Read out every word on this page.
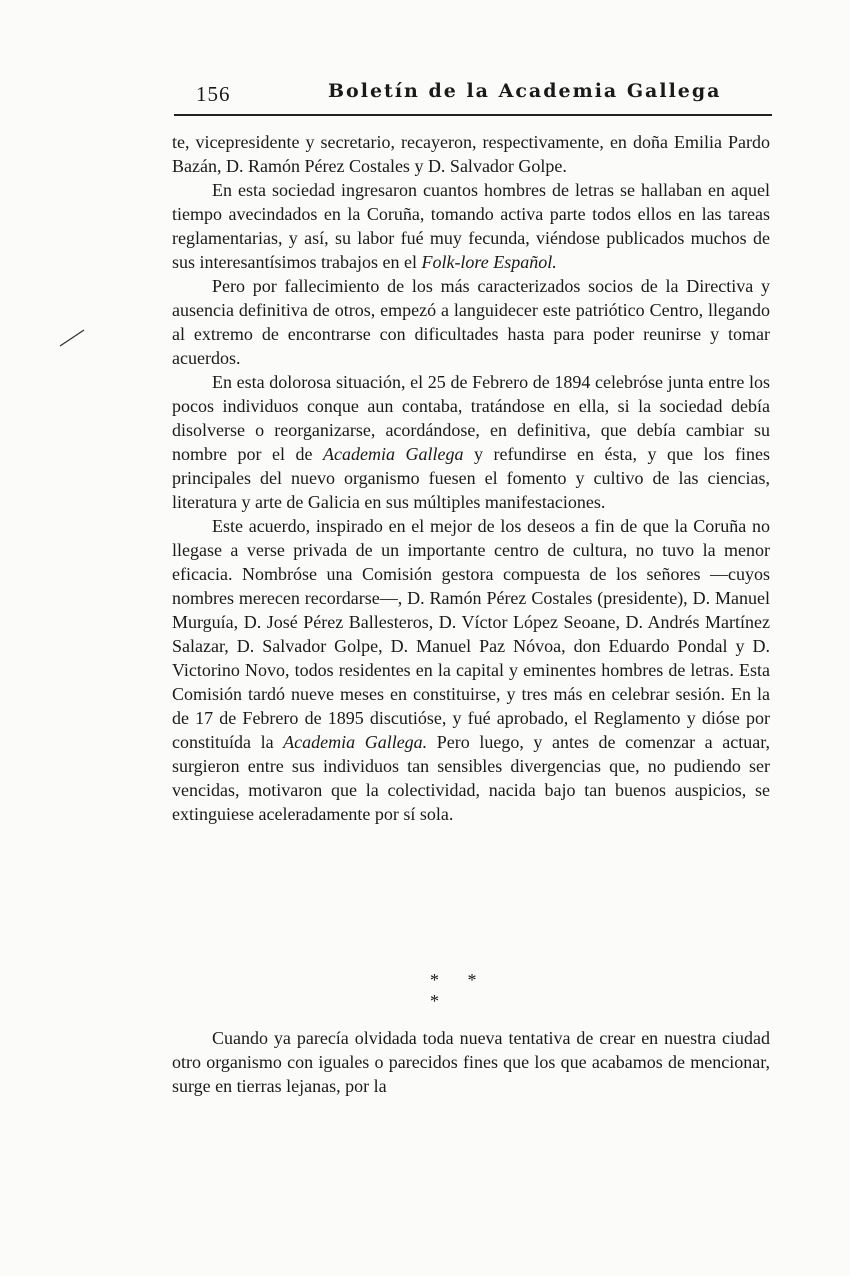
156	Boletín de la Academia Gallega

te, vicepresidente y secretario, recayeron, respectivamente, en doña Emilia Pardo Bazán, D. Ramón Pérez Costales y D. Salvador Golpe.

En esta sociedad ingresaron cuantos hombres de letras se hallaban en aquel tiempo avecindados en la Coruña, tomando activa parte todos ellos en las tareas reglamentarias, y así, su labor fué muy fecunda, viéndose publicados muchos de sus interesantísimos trabajos en el Folk-lore Español.

Pero por fallecimiento de los más caracterizados socios de la Directiva y ausencia definitiva de otros, empezó a languidecer este patriótico Centro, llegando al extremo de encontrarse con dificultades hasta para poder reunirse y tomar acuerdos.

En esta dolorosa situación, el 25 de Febrero de 1894 celebróse junta entre los pocos individuos conque aun contaba, tratándose en ella, si la sociedad debía disolverse o reorganizarse, acordándose, en definitiva, que debía cambiar su nombre por el de Academia Gallega y refundirse en ésta, y que los fines principales del nuevo organismo fuesen el fomento y cultivo de las ciencias, literatura y arte de Galicia en sus múltiples manifestaciones.

Este acuerdo, inspirado en el mejor de los deseos a fin de que la Coruña no llegase a verse privada de un importante centro de cultura, no tuvo la menor eficacia. Nombróse una Comisión gestora compuesta de los señores —cuyos nombres merecen recordarse—, D. Ramón Pérez Costales (presidente), D. Manuel Murguía, D. José Pérez Ballesteros, D. Víctor López Seoane, D. Andrés Martínez Salazar, D. Salvador Golpe, D. Manuel Paz Nóvoa, don Eduardo Pondal y D. Victorino Novo, todos residentes en la capital y eminentes hombres de letras. Esta Comisión tardó nueve meses en constituirse, y tres más en celebrar sesión. En la de 17 de Febrero de 1895 discutióse, y fué aprobado, el Reglamento y dióse por constituída la Academia Gallega. Pero luego, y antes de comenzar a actuar, surgieron entre sus individuos tan sensibles divergencias que, no pudiendo ser vencidas, motivaron que la colectividad, nacida bajo tan buenos auspicios, se extinguiese aceleradamente por sí sola.

* * *

Cuando ya parecía olvidada toda nueva tentativa de crear en nuestra ciudad otro organismo con iguales o parecidos fines que los que acabamos de mencionar, surge en tierras lejanas, por la
